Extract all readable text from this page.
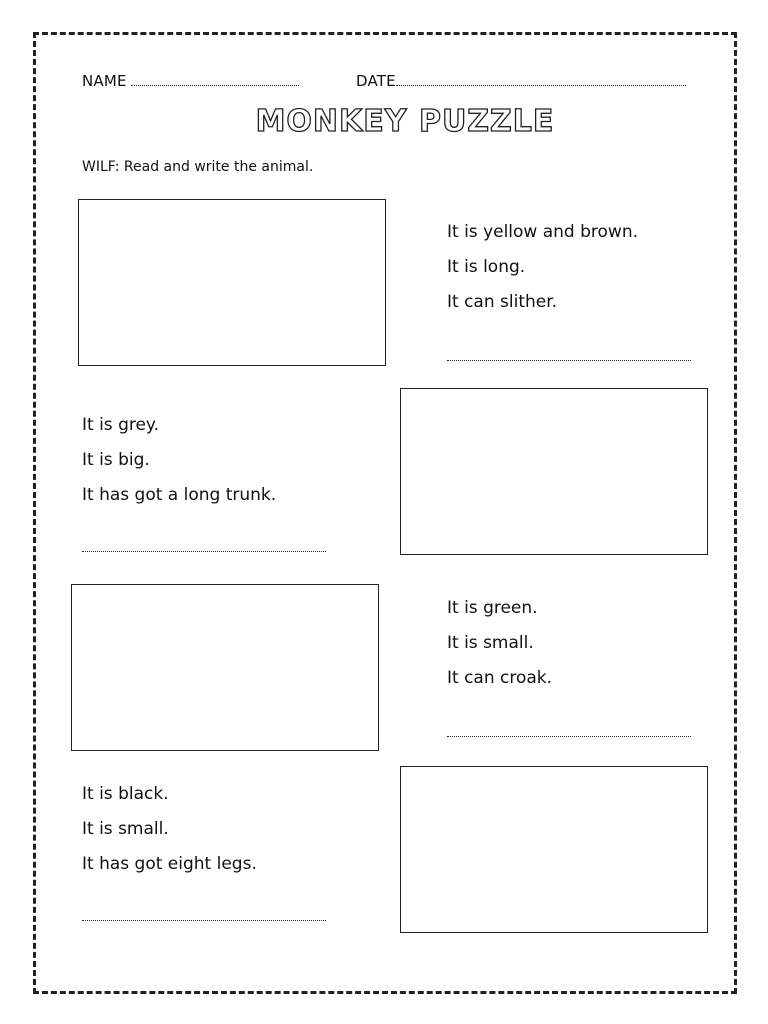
NAME	DATE
MONKEY PUZZLE
WILF: Read and write the animal.
It is yellow and brown.
It is long.
It can slither.
It is grey.
It is big.
It has got a long trunk.
It is green.
It is small.
It can croak.
It is black.
It is small.
It has got eight legs.
